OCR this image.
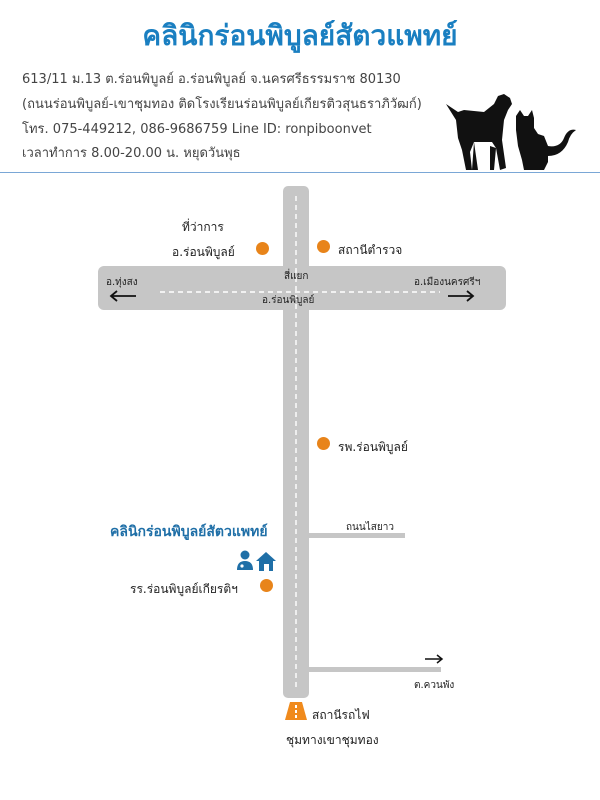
คลินิกร่อนพิบูลย์สัตวแพทย์
613/11 ม.13 ต.ร่อนพิบูลย์ อ.ร่อนพิบูลย์ จ.นครศรีธรรมราช 80130
(ถนนร่อนพิบูลย์-เขาชุมทอง ติดโรงเรียนร่อนพิบูลย์เกียรติวสุนธราภิวัฒก์)
โทร. 075-449212, 086-9686759 Line ID: ronpiboonvet
เวลาทำการ 8.00-20.00 น. หยุดวันพุธ
ที่ว่าการ
อ.ร่อนพิบูลย์	สถานีตำรวจ
สี่แยก
อ.ร่อนพิบูลย์
อ.ทุ่งสง	อ.เมืองนครศรีฯ
รพ.ร่อนพิบูลย์
คลินิกร่อนพิบูลย์สัตวแพทย์
รร.ร่อนพิบูลย์เกียรติฯ
ถนนไสยาว
ต.ควนพัง
สถานีรถไฟ
ชุมทางเขาชุมทอง
